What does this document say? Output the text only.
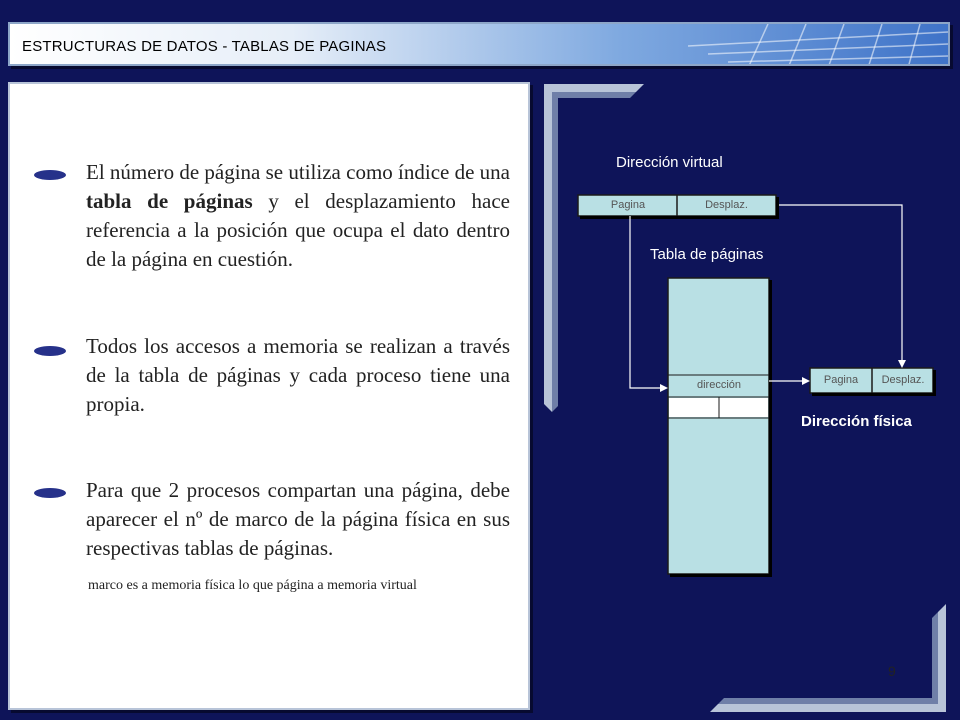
ESTRUCTURAS DE DATOS - TABLAS DE PAGINAS

El número de página se utiliza como índice de una tabla de páginas y el desplazamiento hace referencia a la posición que ocupa el dato dentro de la página en cuestión.

Todos los accesos a memoria se realizan a través de la tabla de páginas y cada proceso tiene una propia.

Para que 2 procesos compartan una página, debe aparecer el nº de marco de la página física en sus respectivas tablas de páginas.

marco es a memoria física lo que página a memoria virtual
Dirección virtual
Tabla de páginas
Dirección física
Pagina	Desplaz.
dirección	Pagina	Desplaz.
9
